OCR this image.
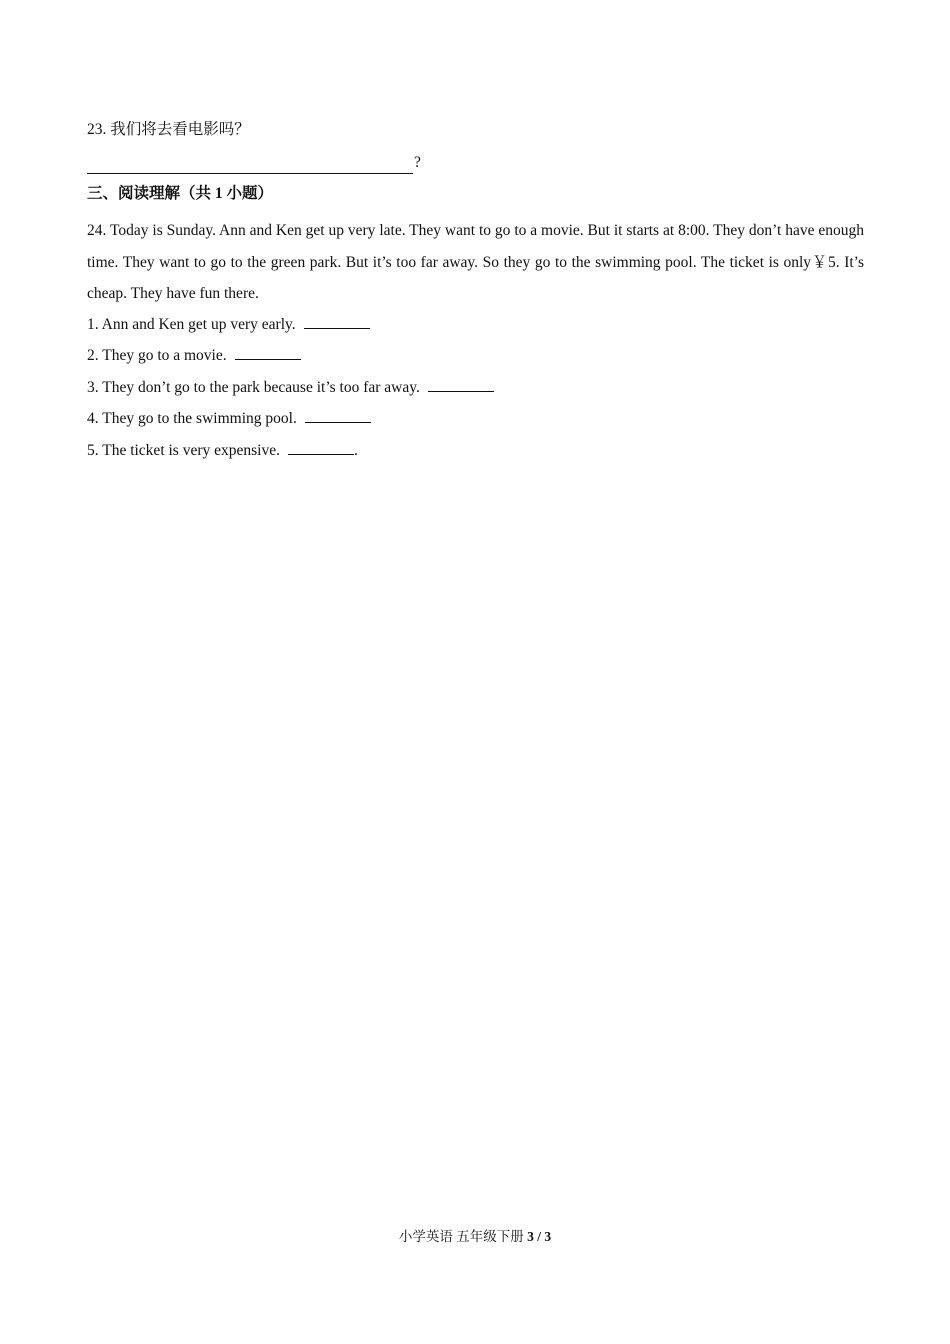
23. 我们将去看电影吗？
?
三、阅读理解（共 1 小题）
24. Today is Sunday. Ann and Ken get up very late. They want to go to a movie. But it starts at 8:00. They don’t have enough time. They want to go to the green park. But it’s too far away. So they go to the swimming pool. The ticket is only￥5. It’s cheap. They have fun there.
1. Ann and Ken get up very early.
2. They go to a movie.
3. They don’t go to the park because it’s too far away.
4. They go to the swimming pool.
5. The ticket is very expensive.	.
小学英语 五年级下册 3 / 3
